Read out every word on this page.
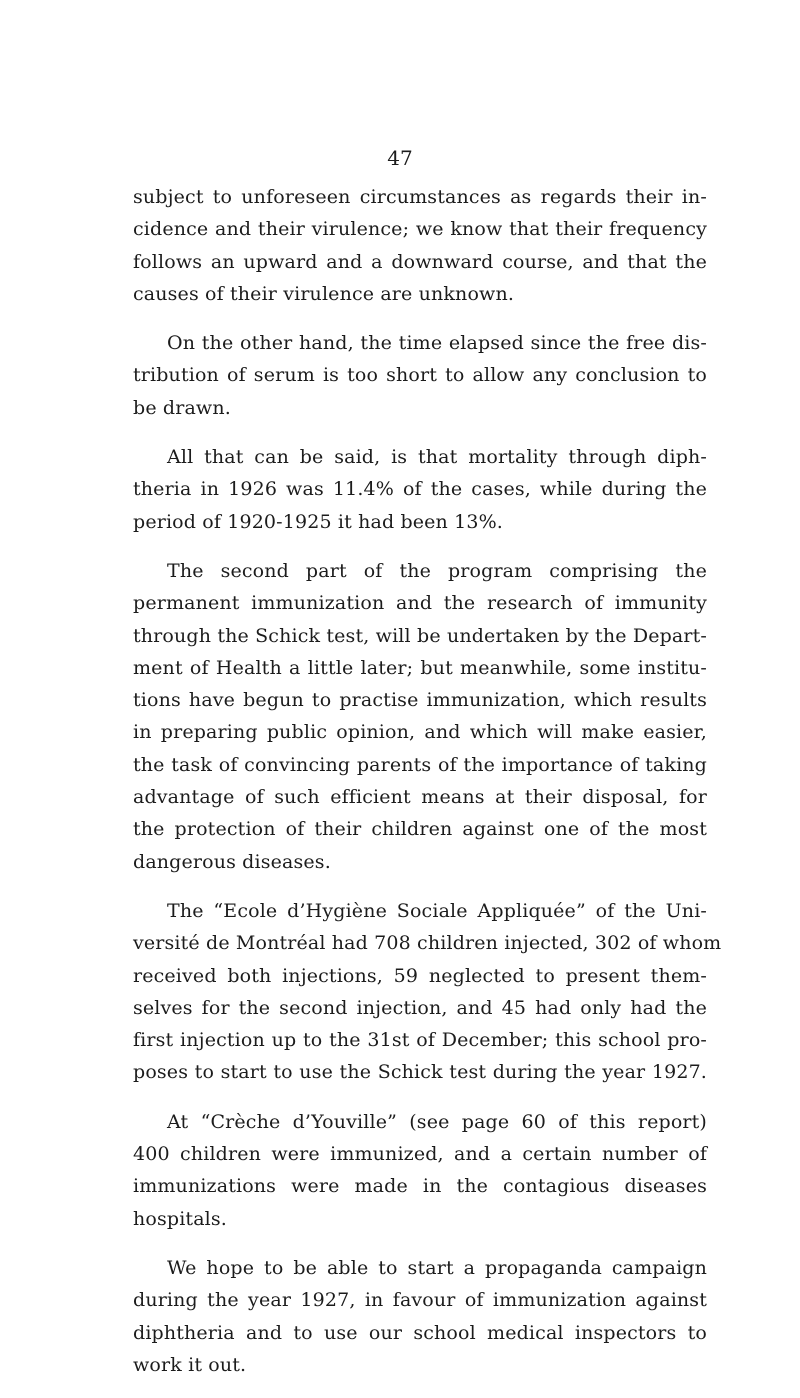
47

subject to unforeseen circumstances as regards their in-
cidence and their virulence; we know that their frequency
follows an upward and a downward course, and that the
causes of their virulence are unknown.

On the other hand, the time elapsed since the free dis-
tribution of serum is too short to allow any conclusion to
be drawn.

All that can be said, is that mortality through diph-
theria in 1926 was 11.4% of the cases, while during the
period of 1920-1925 it had been 13%.

The second part of the program comprising the
permanent immunization and the research of immunity
through the Schick test, will be undertaken by the Depart-
ment of Health a little later; but meanwhile, some institu-
tions have begun to practise immunization, which results
in preparing public opinion, and which will make easier,
the task of convincing parents of the importance of taking
advantage of such efficient means at their disposal, for
the protection of their children against one of the most
dangerous diseases.

The “Ecole d’Hygiène Sociale Appliquée” of the Uni-
versité de Montréal had 708 children injected, 302 of whom
received both injections, 59 neglected to present them-
selves for the second injection, and 45 had only had the
first injection up to the 31st of December; this school pro-
poses to start to use the Schick test during the year 1927.

At “Crèche d’Youville” (see page 60 of this report)
400 children were immunized, and a certain number of
immunizations were made in the contagious diseases
hospitals.

We hope to be able to start a propaganda campaign
during the year 1927, in favour of immunization against
diphtheria and to use our school medical inspectors to
work it out.
